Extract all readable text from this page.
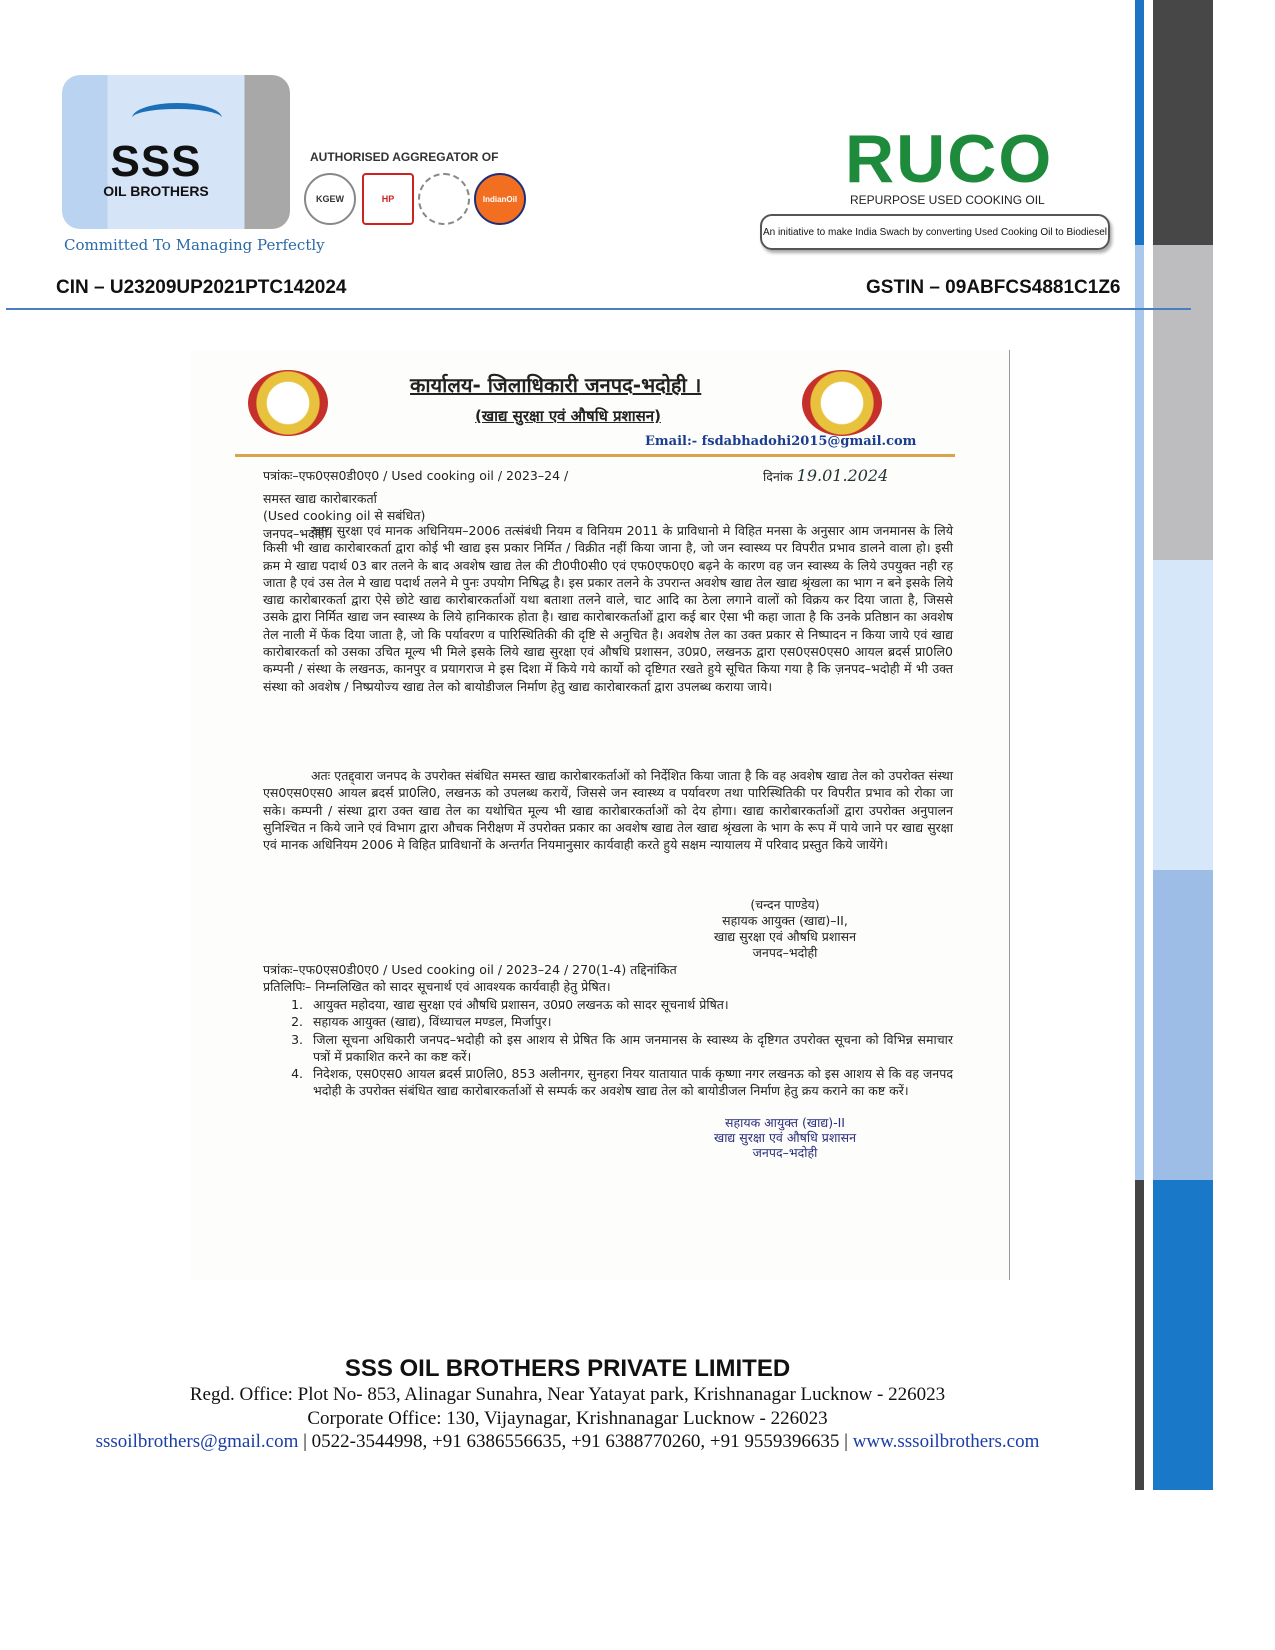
SSS
OIL BROTHERS
Committed To Managing Perfectly
AUTHORISED AGGREGATOR OF
KGEW	HP	IndianOil
RUCO
REPURPOSE USED COOKING OIL
An initiative to make India Swach by converting Used Cooking Oil to Biodiesel
CIN – U23209UP2021PTC142024	GSTIN – 09ABFCS4881C1Z6
कार्यालय- जिलाधिकारी जनपद-भदोही ।
(खाद्य सुरक्षा एवं औषधि प्रशासन)
Email:- fsdabhadohi2015@gmail.com
पत्रांकः–एफ0एस0डी0ए0 / Used cooking oil / 2023–24 /	दिनांक 19.01.2024
समस्त खाद्य कारोबारकर्ता
(Used cooking oil से सबंधित)
जनपद–भदोही।
खाद्य सुरक्षा एवं मानक अधिनियम–2006 तत्संबंधी नियम व विनियम 2011 के प्राविधानो मे विहित मनसा के अनुसार आम जनमानस के लिये किसी भी खाद्य कारोबारकर्ता द्वारा कोई भी खाद्य इस प्रकार निर्मित / विक्रीत नहीं किया जाना है, जो जन स्वास्थ्य पर विपरीत प्रभाव डालने वाला हो। इसी क्रम मे खाद्य पदार्थ 03 बार तलने के बाद अवशेष खाद्य तेल की टी0पी0सी0 एवं एफ0एफ0ए0 बढ़ने के कारण वह जन स्वास्थ्य के लिये उपयुक्त नही रह जाता है एवं उस तेल मे खाद्य पदार्थ तलने मे पुनः उपयोग निषिद्ध है। इस प्रकार तलने के उपरान्त अवशेष खाद्य तेल खाद्य श्रृंखला का भाग न बने इसके लिये खाद्य कारोबारकर्ता द्वारा ऐसे छोटे खाद्य कारोबारकर्ताओं यथा बताशा तलने वाले, चाट आदि का ठेला लगाने वालों को विक्रय कर दिया जाता है, जिससे उसके द्वारा निर्मित खाद्य जन स्वास्थ्य के लिये हानिकारक होता है। खाद्य कारोबारकर्ताओं द्वारा कई बार ऐसा भी कहा जाता है कि उनके प्रतिष्ठान का अवशेष तेल नाली में फेंक दिया जाता है, जो कि पर्यावरण व पारिस्थितिकी की दृष्टि से अनुचित है। अवशेष तेल का उक्त प्रकार से निष्पादन न किया जाये एवं खाद्य कारोबारकर्ता को उसका उचित मूल्य भी मिले इसके लिये खाद्य सुरक्षा एवं औषधि प्रशासन, उ0प्र0, लखनऊ द्वारा एस0एस0एस0 आयल ब्रदर्स प्रा0लि0 कम्पनी / संस्था के लखनऊ, कानपुर व प्रयागराज मे इस दिशा में किये गये कार्यो को दृष्टिगत रखते हुये सूचित किया गया है कि ज़नपद–भदोही में भी उक्त संस्था को अवशेष / निष्प्रयोज्य खाद्य तेल को बायोडीजल निर्माण हेतु खाद्य कारोबारकर्ता द्वारा उपलब्ध कराया जाये।
अतः एतद्द्वारा जनपद के उपरोक्त संबंधित समस्त खाद्य कारोबारकर्ताओं को निर्देशित किया जाता है कि वह अवशेष खाद्य तेल को उपरोक्त संस्था एस0एस0एस0 आयल ब्रदर्स प्रा0लि0, लखनऊ को उपलब्ध करायें, जिससे जन स्वास्थ्य व पर्यावरण तथा पारिस्थितिकी पर विपरीत प्रभाव को रोका जा सके। कम्पनी / संस्था द्वारा उक्त खाद्य तेल का यथोचित मूल्य भी खाद्य कारोबारकर्ताओं को देय होगा। खाद्य कारोबारकर्ताओं द्वारा उपरोक्त अनुपालन सुनिश्चित न किये जाने एवं विभाग द्वारा औचक निरीक्षण में उपरोक्त प्रकार का अवशेष खाद्य तेल खाद्य श्रृंखला के भाग के रूप में पाये जाने पर खाद्य सुरक्षा एवं मानक अधिनियम 2006 मे विहित प्राविधानों के अन्तर्गत नियमानुसार कार्यवाही करते हुये सक्षम न्यायालय में परिवाद प्रस्तुत किये जायेंगे।
(चन्दन पाण्डेय)
सहायक आयुक्त (खाद्य)–II,
खाद्य सुरक्षा एवं औषधि प्रशासन
जनपद–भदोही
पत्रांकः–एफ0एस0डी0ए0 / Used cooking oil / 2023–24 / 270(1-4) तद्दिनांकित
प्रतिलिपिः– निम्नलिखित को सादर सूचनार्थ एवं आवश्यक कार्यवाही हेतु प्रेषित।
1. आयुक्त महोदया, खाद्य सुरक्षा एवं औषधि प्रशासन, उ0प्र0 लखनऊ को सादर सूचनार्थ प्रेषित।
2. सहायक आयुक्त (खाद्य), विंध्याचल मण्डल, मिर्जापुर।
3. जिला सूचना अधिकारी जनपद–भदोही को इस आशय से प्रेषित कि आम जनमानस के स्वास्थ्य के दृष्टिगत उपरोक्त सूचना को विभिन्न समाचार पत्रों में प्रकाशित करने का कष्ट करें।
4. निदेशक, एस0एस0 आयल ब्रदर्स प्रा0लि0, 853 अलीनगर, सुनहरा नियर यातायात पार्क कृष्णा नगर लखनऊ को इस आशय से कि वह जनपद भदोही के उपरोक्त संबंधित खाद्य कारोबारकर्ताओं से सम्पर्क कर अवशेष खाद्य तेल को बायोडीजल निर्माण हेतु क्रय कराने का कष्ट करें।
सहायक आयुक्त (खाद्य)-II
खाद्य सुरक्षा एवं औषधि प्रशासन
जनपद–भदोही
SSS OIL BROTHERS PRIVATE LIMITED
Regd. Office: Plot No- 853, Alinagar Sunahra, Near Yatayat park, Krishnanagar Lucknow - 226023
Corporate Office: 130, Vijaynagar, Krishnanagar Lucknow - 226023
sssoilbrothers@gmail.com | 0522-3544998, +91 6386556635, +91 6388770260, +91 9559396635 | www.sssoilbrothers.com
